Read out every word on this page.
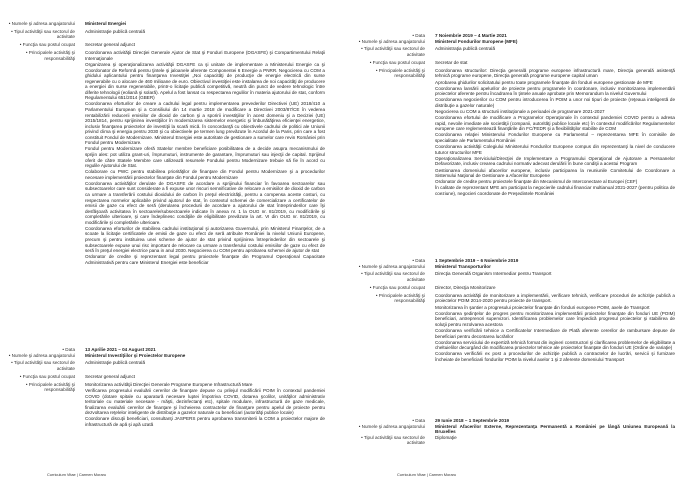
• Numele şi adresa angajatorului Ministerul Energiei
• Tipul activităţii sau sectorul de activitate
Administraţie publică centrală
• Funcţia sau postul ocupat Secretar general adjunct
• Principalele activităţi şi responsabilităţi

Coordonarea activităţii Direcţiei Generale Ajutor de Stat şi Fonduri Europene (DGASFE) şi Compartimentului Relaţii Internaţionale

Organizarea şi operaţionalizarea activităţii DGASFE ca şi unitate de implementare a Ministerului Energie ca şi Coordonator de Reformă pentru ţintele şi jaloanele aferente Componentei 6 Energie a PNRR. Negocierea cu COM a ghidului aplicantului pentru finanţarea Investiţiei „Noi capacităţi de producţie de energie electrică din surse regenerabile cu o alocare de 460 milioane de euro. Obiectivul investiţiei este instalarea de noi capacităţi de producere a energiei din surse regenerabile, printr-o licitaţie publică competitivă, neutră din punct de vedere tehnologic între diferite tehnologii (eoliană şi solară). Apelul a fost lansat cu respectarea regulilor în materia ajutorului de stat, conform Regulamentului 651/2014 (GBER)

Coordonarea eforturilor de creare a cadrului legal pentru implementarea prevederilor Directivei (UE) 2018/410 a Parlamentului European şi a Consiliului din 14 martie 2018 de modificare a Directivei 2003/87/CE în vederea rentabilizării reducerii emisiilor de dioxid de carbon şi a sporirii investiţiilor în acest domeniu şi a Deciziei (UE) 2015/1814, pentru sprijinirea investiţiilor în modernizarea sistemelor energetic şi îmbunătăţirea eficienţei energetice, inclusiv finanţarea proiectelor de investiţii la scară mică. În concordanţă cu obiectivele cadrului de politici ale Uniunii privind clima şi energia pentru 2030 şi cu obiectivele pe termen lung prevăzute în Acordul de la Paris, prin care a fost constituit Fondul de Modernizare. Ministerul Energiei este autoritate de gestionare a sumelor care revin României prin Fondul pentru Modernizare.

Fondul pentru Modernizare oferă Statelor membre beneficiare posibilitatea de a decide asupra mecanismului de sprijin ales: pot utiliza grant-uri, împrumuturi, instrumente de garantare, împrumuturi sau injecţii de capital. Sprijinul oferit de către Statele Membre care utilizează resursele Fondului pentru Modernizare trebuie să fie în acord cu regulile Ajutorului de Stat.

Colaborare cu PWC pentru stabilirea priorităţilor de finanţare din Fondul pentru Modernizare şi a procedurilor necesare implementării proiectelor finanţate din Fondul pentru Modernizare

Coordonarea activităţilor derulate de DGASFE de acordare a sprijinului financiar în favoarea sectoarelor sau subsectoarelor care sunt considerate a fi expuse unor riscuri semnificative de relocare a emisiilor de dioxid de carbon ca urmare a transferării costului dioxidului de carbon în preţul electricităţii, pentru a compensa aceste costuri, cu respectarea normelor aplicabile privind ajutorul de stat, în contextul schemei de comercializare a certificatelor de emisii de gaze cu efect de seră (derularea procedurii de acordare a ajutorului de stat întreprinderilor care îşi desfăşoară activitatea în sectoarele/subsectoarele indicate în anexa nr. 1 la OUG nr. 81/2019, cu modificările şi completările ulterioare, şi care îndeplinesc condiţiile de eligibilitate prevăzute la art. VI din OUG nr. 81/2019, cu modificările şi completările ulterioare.

Coordonarea eforturilor de stabilirea cadrului instituţional şi autorizarea Guvernului, prin Ministerul Finanţelor, de a scoate la licitaţie certificatele de emisii de gaze cu efect de seră atribuite României la nivelul Uniunii Europene, precum şi pentru instituirea unei scheme de ajutor de stat privind sprijinirea întreprinderilor din sectoarele şi subsectoarele expuse unui risc important de relocare ca urmare a transferului costului emisiilor de gaze cu efect de seră în preţul energiei electrice pana in anul 2030. Negocierea cu COM pentru aprobarea schemei de ajutor de stat

Ordonator de credite şi reprezentant legal pentru proiectele finanţate din Programul Operaţional Capacitate Administrativă pentru care Ministerul Energiei este beneficiar

• Data 13 Aprilie 2021 – 04 August 2021
• Numele şi adresa angajatorului Ministerul Investiţiilor şi Proiectelor Europene
• Tipul activităţii sau sectorul de activitate
Administraţie publică centrală
• Funcţia sau postul ocupat Secretar general adjunct
• Principalele activităţi şi responsabilităţi

Monitorizarea activităţii Direcţiei Generale Programe Europene Infrastructură Mare

Verificarea progresului evaluării cererilor de finanţare depuse cu prilejul modificării POIM în contextul pandemiei COVID (dotare spitale cu aparatură necesare luptei împotriva COVID, dotarea şcolilor, unităţilor administrativ teritoriale cu materiale necesare - măşti, dezinfectanţi etc), spitale modulare, infrastructură de gaze medicale, finalizarea evaluării cererilor de finanţare şi încheierea contractelor de finanţare pentru apelul de proiecte pentru dezvoltarea reţelelor inteligente de distribuţie a gazelor naturale cu beneficiari (autorităţi publice locale)

Coordonare discuţii beneficiari, consultanţi JASPERS pentru aprobarea transmiterii la COM a proiectelor majore de infrastructură de apă şi apă uzată

Curriculum Vitae | Carmen Moraru
• Data 7 Noiembrie 2019 – 4 Martie 2021
• Numele şi adresa angajatorului Ministerul Fondurilor Europene (MFE)
• Tipul activităţii sau sectorul de activitate
Administraţia publică centrală
• Funcţia sau postul ocupat Secretar de stat
• Principalele activităţi şi responsabilităţi

Coordonarea structurilor: Direcţia generală programe europene infrastructură mare, Direcţia generală asistenţă tehnică programe europene, Direcţia generală programe europene capital uman

Aprobarea ghidurilor solicitatului pentru toate programele finanţate din fonduri europene gestionate de MFE

Coordonarea lansării apelurilor de proiecte pentru programele în coordonare, inclusiv monitorizarea implementării proiectelor aferente pentru încadrarea în ţintele anuale aprobate prin Memorandum la nivelul Guvernului

Coordonarea negocierilor cu COM pentru introducerea în POIM a unor noi tipuri de proiecte (reţeaua inteligentă de distribuţie a gazelor naturale)

Negocierea cu COM a structurii instituţionale a perioadei de programare 2021-2027

Coordonarea efortului de modificare a Programelor Operaţionale în contextul pandemiei COVID pentru a adresa rapid, nevoile imediate ale societăţii (companii, autorităţi publice locale etc) în contextul modificărilor Regulamentelor europene care reglementează finanţările din FC/FEDR şi a flexibilităţilor stabilite de COM

Coordonarea relaţiei Ministerului Fondurilor Europene cu Parlamentul – reprezentarea MFE în comisiile de specialitate ale Parlamentului României

Coordonarea activităţii Colegiului Ministerului Fondurilor Europene compus din reprezentanţi la nivel de conducere tuturor structurilor MFE

Operaţionalizarea Serviciului/Direcţiei de Implementare a Programului Operaţional de Ajutorare a Persoanelor Defavorizate, inclusiv crearea cadrului normativ adecvat derulării în bune condiţii a acestui Program

Gestionarea domeniului afacerilor europene, inclusiv participarea la reuniunile Comitetului de Coordonare a Sistemului Naţional de Gestionare a Afacerilor Europene

Ordonator de credite pentru proiectele finanţate din Mecanismul de Interconectare al Europei (CEF)

În calitate de reprezentant MFE am participat la negocierile cadrului financiar multianual 2021-2027 (pentru politica de coeziune), negocieri coordonate de Preşedintele României

• Data 1 Septembrie 2019 – 6 Noiembrie 2019
• Numele şi adresa angajatorului Ministerul Transporturilor
• Tipul activităţii sau sectorul de activitate
Direcţia Generală Organism Intermediar pentru Transport
• Funcţia sau postul ocupat Director, Direcţia Monitorizare
• Principalele activităţi şi responsabilităţi

Coordonarea activităţii de monitorizare a implementării, verificare tehnică, verificare proceduri de achiziţie publică a proiectelor POIM 2014-2020 pentru proiecte de transport.

Monitorizarea în şantier a progresului proiectelor finanţate din fonduri europene POIM, axele de Transport

Coordonarea şedinţelor de progres pentru monitorizarea implementării proiectelor finanţate din fonduri UE (POIM) beneficiari, antreprenori supervizori. Identificarea problemelor care împiedică progresul proiectelor şi stabilirea de soluţii pentru rezolvarea acestora

Coordonarea verificării tehnice a Certificatelor Intermediare de Plată aferente cererilor de rambursare depuse de beneficiari pentru decontarea lucrărilor

Coordonarea serviciului de expertiză tehnică format din ingineri constructori şi clarificarea problemelor de eligibilitate a cheltuielilor decurgând din modificarea proiectelor tehnice ale proiectelor finanţate din fonduri UE (Ordine de variaţie)

Coordonarea verificării ex post a procedurilor de achiziţie publică a contractelor de lucrări, servicii şi furnizare încheiate de beneficiarii fondurilor POIM la nivelul axelor 1 şi 2 aferente domeniului Transport

• Data 29 Iunie 2018 – 1 Septembrie 2019
• Numele şi adresa angajatorului Ministerul Afacerilor Externe, Reprezentanţa Permanentă a României pe lângă Uniunea Europeană la Bruxelles
• Tipul activităţii sau sectorul de activitate
Diplomaţie
Curriculum Vitae | Carmen Moraru
